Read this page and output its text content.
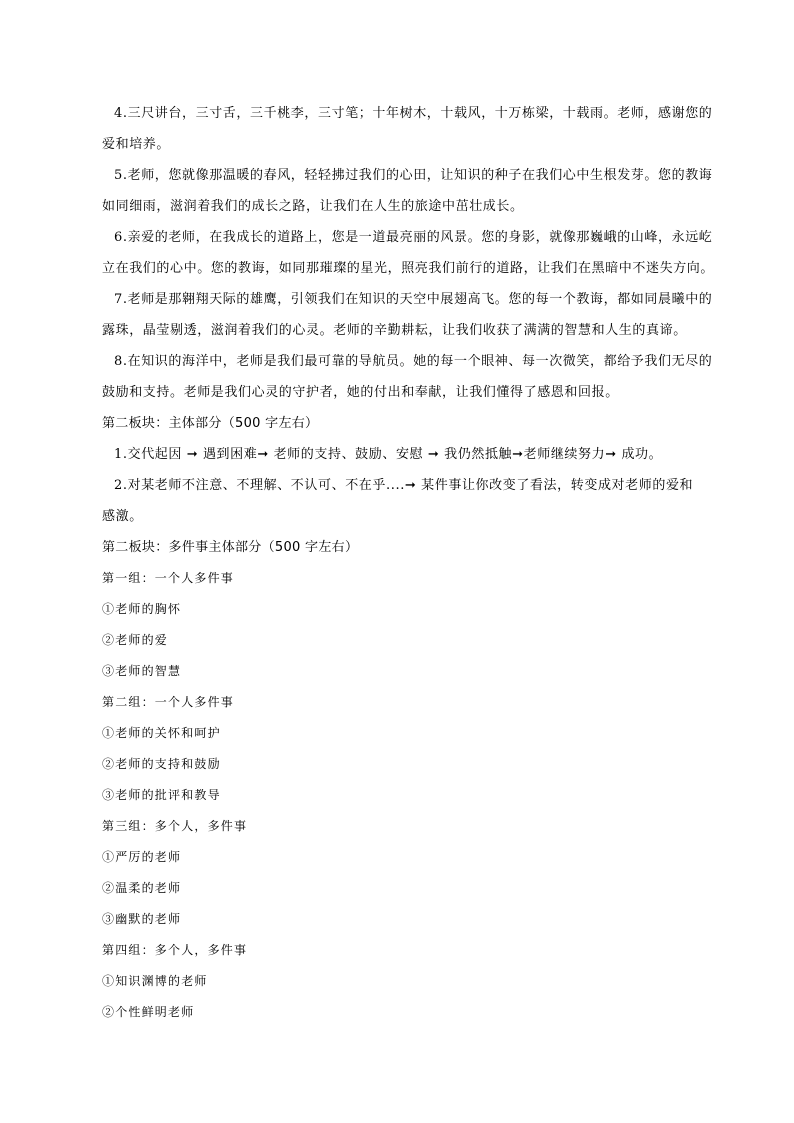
4.三尺讲台，三寸舌，三千桃李，三寸笔；十年树木，十载风，十万栋梁，十载雨。老师，感谢您的

爱和培养。

5.老师，您就像那温暖的春风，轻轻拂过我们的心田，让知识的种子在我们心中生根发芽。您的教诲

如同细雨，滋润着我们的成长之路，让我们在人生的旅途中茁壮成长。

6.亲爱的老师，在我成长的道路上，您是一道最亮丽的风景。您的身影，就像那巍峨的山峰，永远屹

立在我们的心中。您的教诲，如同那璀璨的星光，照亮我们前行的道路，让我们在黑暗中不迷失方向。

7.老师是那翱翔天际的雄鹰，引领我们在知识的天空中展翅高飞。您的每一个教诲，都如同晨曦中的

露珠，晶莹剔透，滋润着我们的心灵。老师的辛勤耕耘，让我们收获了满满的智慧和人生的真谛。

8.在知识的海洋中，老师是我们最可靠的导航员。她的每一个眼神、每一次微笑，都给予我们无尽的

鼓励和支持。老师是我们心灵的守护者，她的付出和奉献，让我们懂得了感恩和回报。

第二板块：主体部分（500 字左右）

1.交代起因 ➞ 遇到困难➞ 老师的支持、鼓励、安慰 ➞ 我仍然抵触➞老师继续努力➞ 成功。

2.对某老师不注意、不理解、不认可、不在乎....➞ 某件事让你改变了看法，转变成对老师的爱和

感激。

第二板块：多件事主体部分（500 字左右）

第一组：一个人多件事

①老师的胸怀

②老师的爱

③老师的智慧

第二组：一个人多件事

①老师的关怀和呵护

②老师的支持和鼓励

③老师的批评和教导

第三组：多个人，多件事

①严厉的老师

②温柔的老师

③幽默的老师

第四组：多个人，多件事

①知识渊博的老师

②个性鲜明老师
